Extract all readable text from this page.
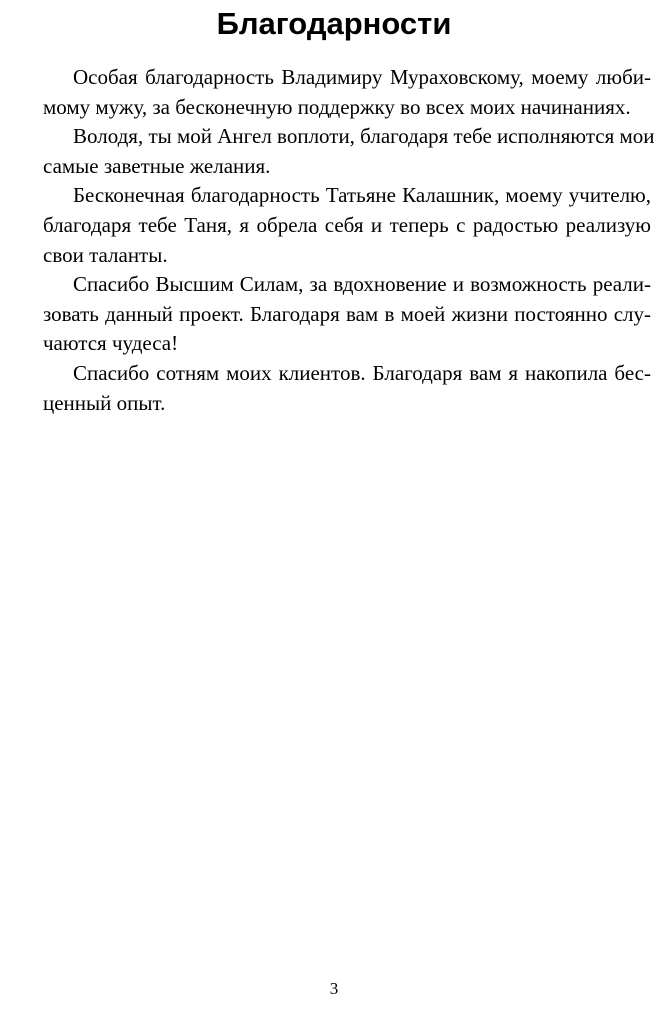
Благодарности

Особая благодарность Владимиру Мураховскому, моему люби-
мому мужу, за бесконечную поддержку во всех моих начинаниях.

Володя, ты мой Ангел воплоти, благодаря тебе исполняются мои
самые заветные желания.

Бесконечная благодарность Татьяне Калашник, моему учителю,
благодаря тебе Таня, я обрела себя и теперь с радостью реализую
свои таланты.

Спасибо Высшим Силам, за вдохновение и возможность реали-
зовать данный проект. Благодаря вам в моей жизни постоянно слу-
чаются чудеса!

Спасибо сотням моих клиентов. Благодаря вам я накопила бес-
ценный опыт.

3
